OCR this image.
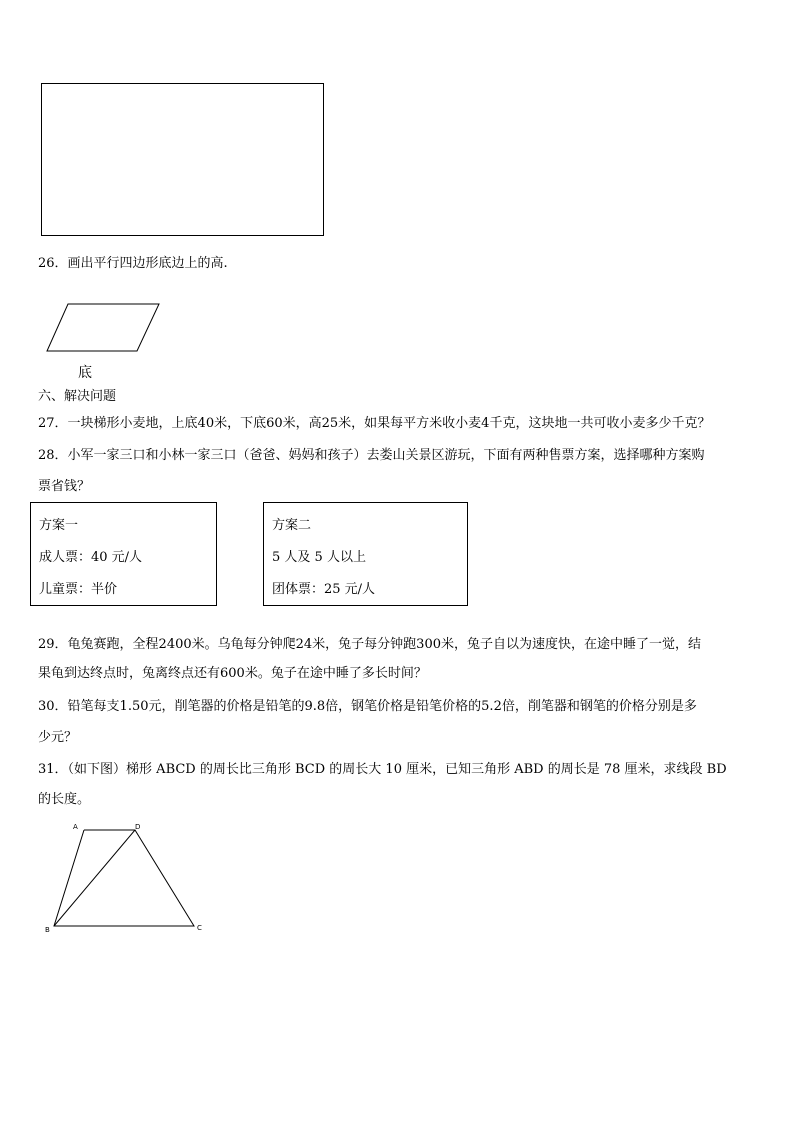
26．画出平行四边形底边上的高.
底
六、解决问题
27．一块梯形小麦地，上底40米，下底60米，高25米，如果每平方米收小麦4千克，这块地一共可收小麦多少千克？
28．小军一家三口和小林一家三口（爸爸、妈妈和孩子）去娄山关景区游玩，下面有两种售票方案，选择哪种方案购
票省钱？
方案一
成人票：40 元/人
儿童票：半价
方案二
5 人及 5 人以上
团体票：25 元/人
29．龟兔赛跑，全程2400米。乌龟每分钟爬24米，兔子每分钟跑300米，兔子自以为速度快，在途中睡了一觉，结
果龟到达终点时，兔离终点还有600米。兔子在途中睡了多长时间？
30．铅笔每支1.50元，削笔器的价格是铅笔的9.8倍，钢笔价格是铅笔价格的5.2倍，削笔器和钢笔的价格分别是多
少元？
31．（如下图）梯形 ABCD 的周长比三角形 BCD 的周长大 10 厘米，已知三角形 ABD 的周长是 78 厘米，求线段 BD
的长度。
A	D
B	C
